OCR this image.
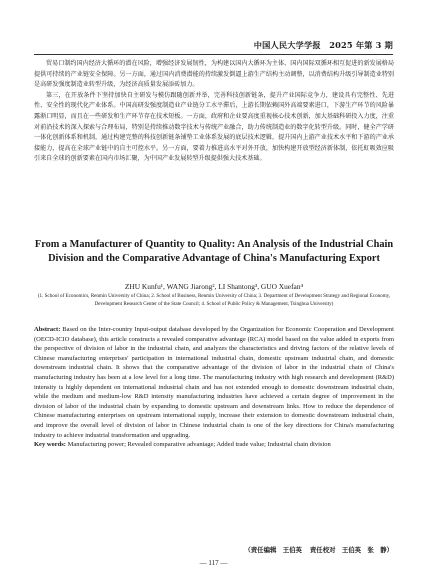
中国人民大学学报　2025 年第 3 期

贸易口制约国内经济大循环的潜在风险，增强经济发展韧性，为构建以国内大循环为主体、国内国际双循环相互促进的新发展格局提供可持续的产业链安全保障。另一方面，通过国内消费潜能的持续激发倒逼上游生产结构主动调整，以消费结构升级引导制造业特别是高研发强度制造业转型升级，为经济高质量发展添砖加力。

第三，在开放条件下坚持加快自主研发与模仿跟随创新并举，完善科技创新链条，提升产业国际竞争力，建设具有完整性、先进性、安全性的现代化产业体系。中国高研发强度制造业产业链分工水平滞后，上游长期依赖国外高端要素进口，下游生产环节的风险暴露渐口明显，而且在一些研发和生产环节存在技术短板。一方面，政府和企业要高度重视核心技术创新，加大基础科研投入力度，注重对前沿技术的深入探索与合理布局，特别是持续推动数字技术与传统产业融合，助力传统制造业的数字化转型升级。同时，健全产学研一体化创新体系和机制，通过构建完整的科技创新链条铺垫工业体系发展的底层技术逻辑，提升国内上游产业技术水平和下游的产业承接能力，提高在全球产业链中的自主可控水平。另一方面，要着力推进高水平对外开放，加快构建开放型经济新体制，依托虹吸效应吸引来自全球的创新要素在国内市场汇聚，为中国产业发展转型升级提供强大技术基础。

From a Manufacturer of Quantity to Quality: An Analysis of the Industrial Chain Division and the Comparative Advantage of China's Manufacturing Export

ZHU Kunfu¹, WANG Jiarong², LI Shantong³, GUO Xuefan⁴

(1. School of Economics, Renmin University of China; 2. School of Business, Renmin University of China; 3. Department of Development Strategy and Regional Economy, Development Research Center of the State Council; 4. School of Public Policy & Management, Tsinghua University)

Abstract: Based on the Inter-country Input-output database developed by the Organization for Economic Cooperation and Development (OECD-ICIO database), this article constructs a revealed comparative advantage (RCA) model based on the value added in exports from the perspective of division of labor in the industrial chain, and analyzes the characteristics and driving factors of the relative levels of Chinese manufacturing enterprises' participation in international industrial chain, domestic upstream industrial chain, and domestic downstream industrial chain. It shows that the comparative advantage of the division of labor in the industrial chain of China's manufacturing industry has been at a low level for a long time. The manufacturing industry with high research and development (R&D) intensity is highly dependent on international industrial chain and has not extended enough to domestic downstream industrial chain, while the medium and medium-low R&D intensity manufacturing industries have achieved a certain degree of improvement in the division of labor of the industrial chain by expanding to domestic upstream and downstream links. How to reduce the dependence of Chinese manufacturing enterprises on upstream international supply, increase their extension to domestic downstream industrial chain, and improve the overall level of division of labor in Chinese industrial chain is one of the key directions for China's manufacturing industry to achieve industrial transformation and upgrading.

Key words: Manufacturing power; Revealed comparative advantage; Added trade value; Industrial chain division

（责任编辑　王伯英 责任校对　王伯英　张　静）
— 117 —
